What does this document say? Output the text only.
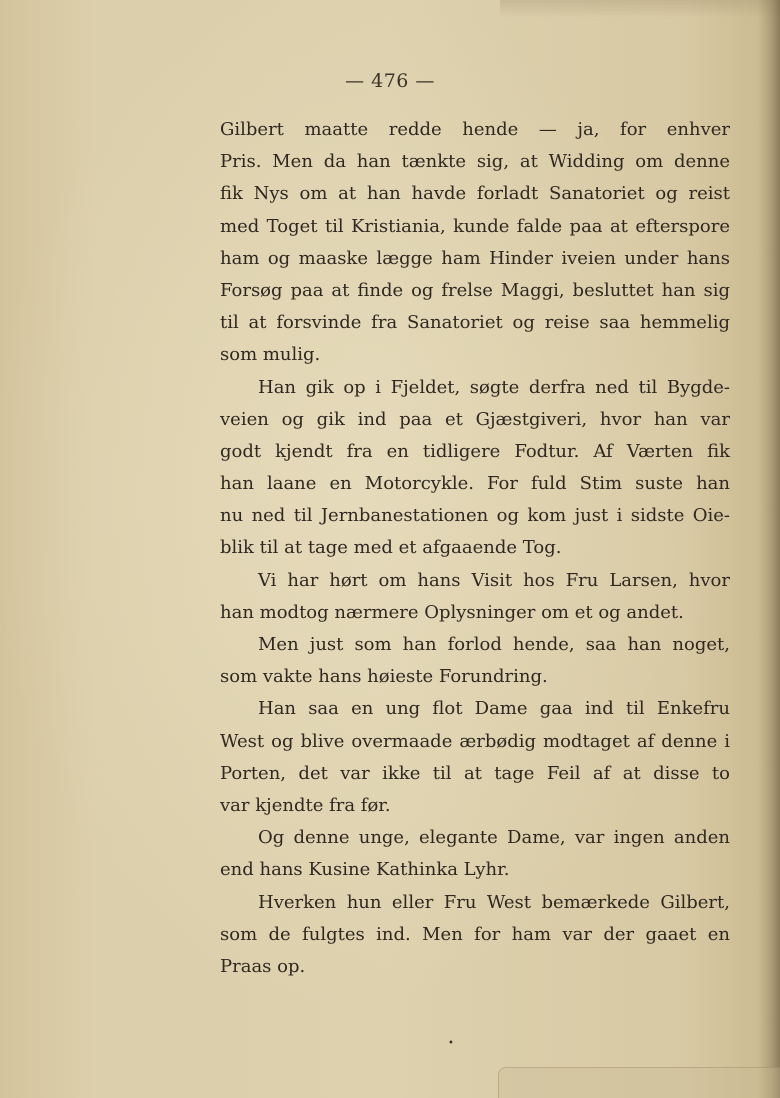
— 476 —
Gilbert maatte redde hende — ja, for enhver
Pris. Men da han tænkte sig, at Widding om denne
fik Nys om at han havde forladt Sanatoriet og reist
med Toget til Kristiania, kunde falde paa at efterspore
ham og maaske lægge ham Hinder iveien under hans
Forsøg paa at finde og frelse Maggi, besluttet han sig
til at forsvinde fra Sanatoriet og reise saa hemmelig
som mulig.
Han gik op i Fjeldet, søgte derfra ned til Bygde-
veien og gik ind paa et Gjæstgiveri, hvor han var
godt kjendt fra en tidligere Fodtur. Af Værten fik
han laane en Motorcykle. For fuld Stim suste han
nu ned til Jernbanestationen og kom just i sidste Oie-
blik til at tage med et afgaaende Tog.
Vi har hørt om hans Visit hos Fru Larsen, hvor
han modtog nærmere Oplysninger om et og andet.
Men just som han forlod hende, saa han noget,
som vakte hans høieste Forundring.
Han saa en ung flot Dame gaa ind til Enkefru
West og blive overmaade ærbødig modtaget af denne i
Porten, det var ikke til at tage Feil af at disse to
var kjendte fra før.
Og denne unge, elegante Dame, var ingen anden
end hans Kusine Kathinka Lyhr.
Hverken hun eller Fru West bemærkede Gilbert,
som de fulgtes ind. Men for ham var der gaaet en
Praas op.
•
